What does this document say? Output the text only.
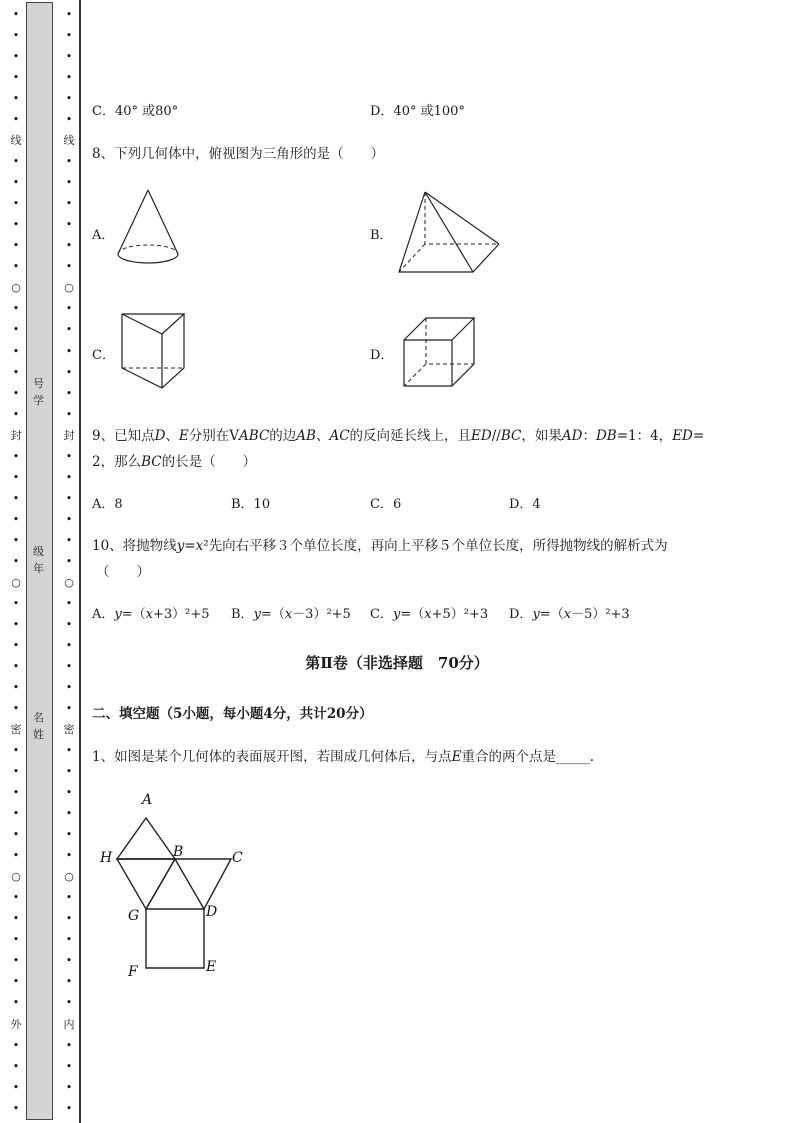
•
•
•
•
•
•
线
•
•
•
•
•
•
○
•
•
•
•
•
•
封
•
•
•
•
•
•
○
•
•
•
•
•
•
密
•
•
•
•
•
•
○
•
•
•
•
•
•
外
•
•
•
•
•
•
•
•
•
•
线
•
•
•
•
•
•
○
•
•
•
•
•
•
封
•
•
•
•
•
•
○
•
•
•
•
•
•
密
•
•
•
•
•
•
○
•
•
•
•
•
•
内
•
•
•
•
号
学
级
年
名
姓
C．40° 或80°	D．40° 或100°
8、下列几何体中，俯视图为三角形的是（　　）
A．	B．
C．	D．
9、已知点D、E分别在VABC的边AB、AC的反向延长线上，且ED//BC，如果AD：DB=1：4，ED=
2，那么BC的长是（　　）
A．8	B．10	C．6	D．4
10、将抛物线y=x²先向右平移３个单位长度，再向上平移５个单位长度，所得抛物线的解析式为
（　　）
A．y=（x+3）²+5 B．y=（x－3）²+5 C．y=（x+5）²+3 D．y=（x－5）²+3
第Ⅱ卷（非选择题　70分）
二、填空题（5小题，每小题4分，共计20分）
1、如图是某个几何体的表面展开图，若围成几何体后，与点E重合的两个点是_____.
A
H	B	C
G	D
F	E
